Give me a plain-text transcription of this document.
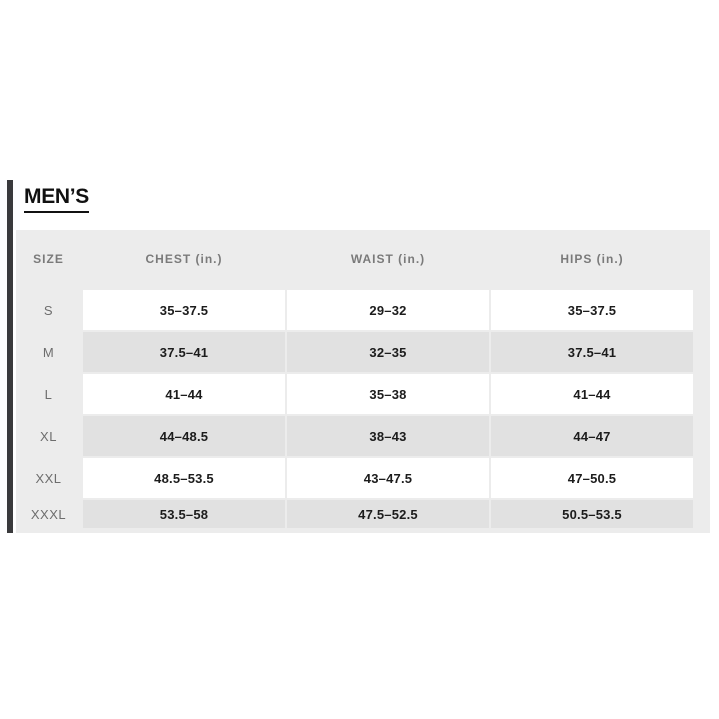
MEN’S
SIZE	CHEST (in.)	WAIST (in.)	HIPS (in.)
S	35–37.5	29–32	35–37.5
M	37.5–41	32–35	37.5–41
L	41–44	35–38	41–44
XL	44–48.5	38–43	44–47
XXL	48.5–53.5	43–47.5	47–50.5
XXXL	53.5–58	47.5–52.5	50.5–53.5
